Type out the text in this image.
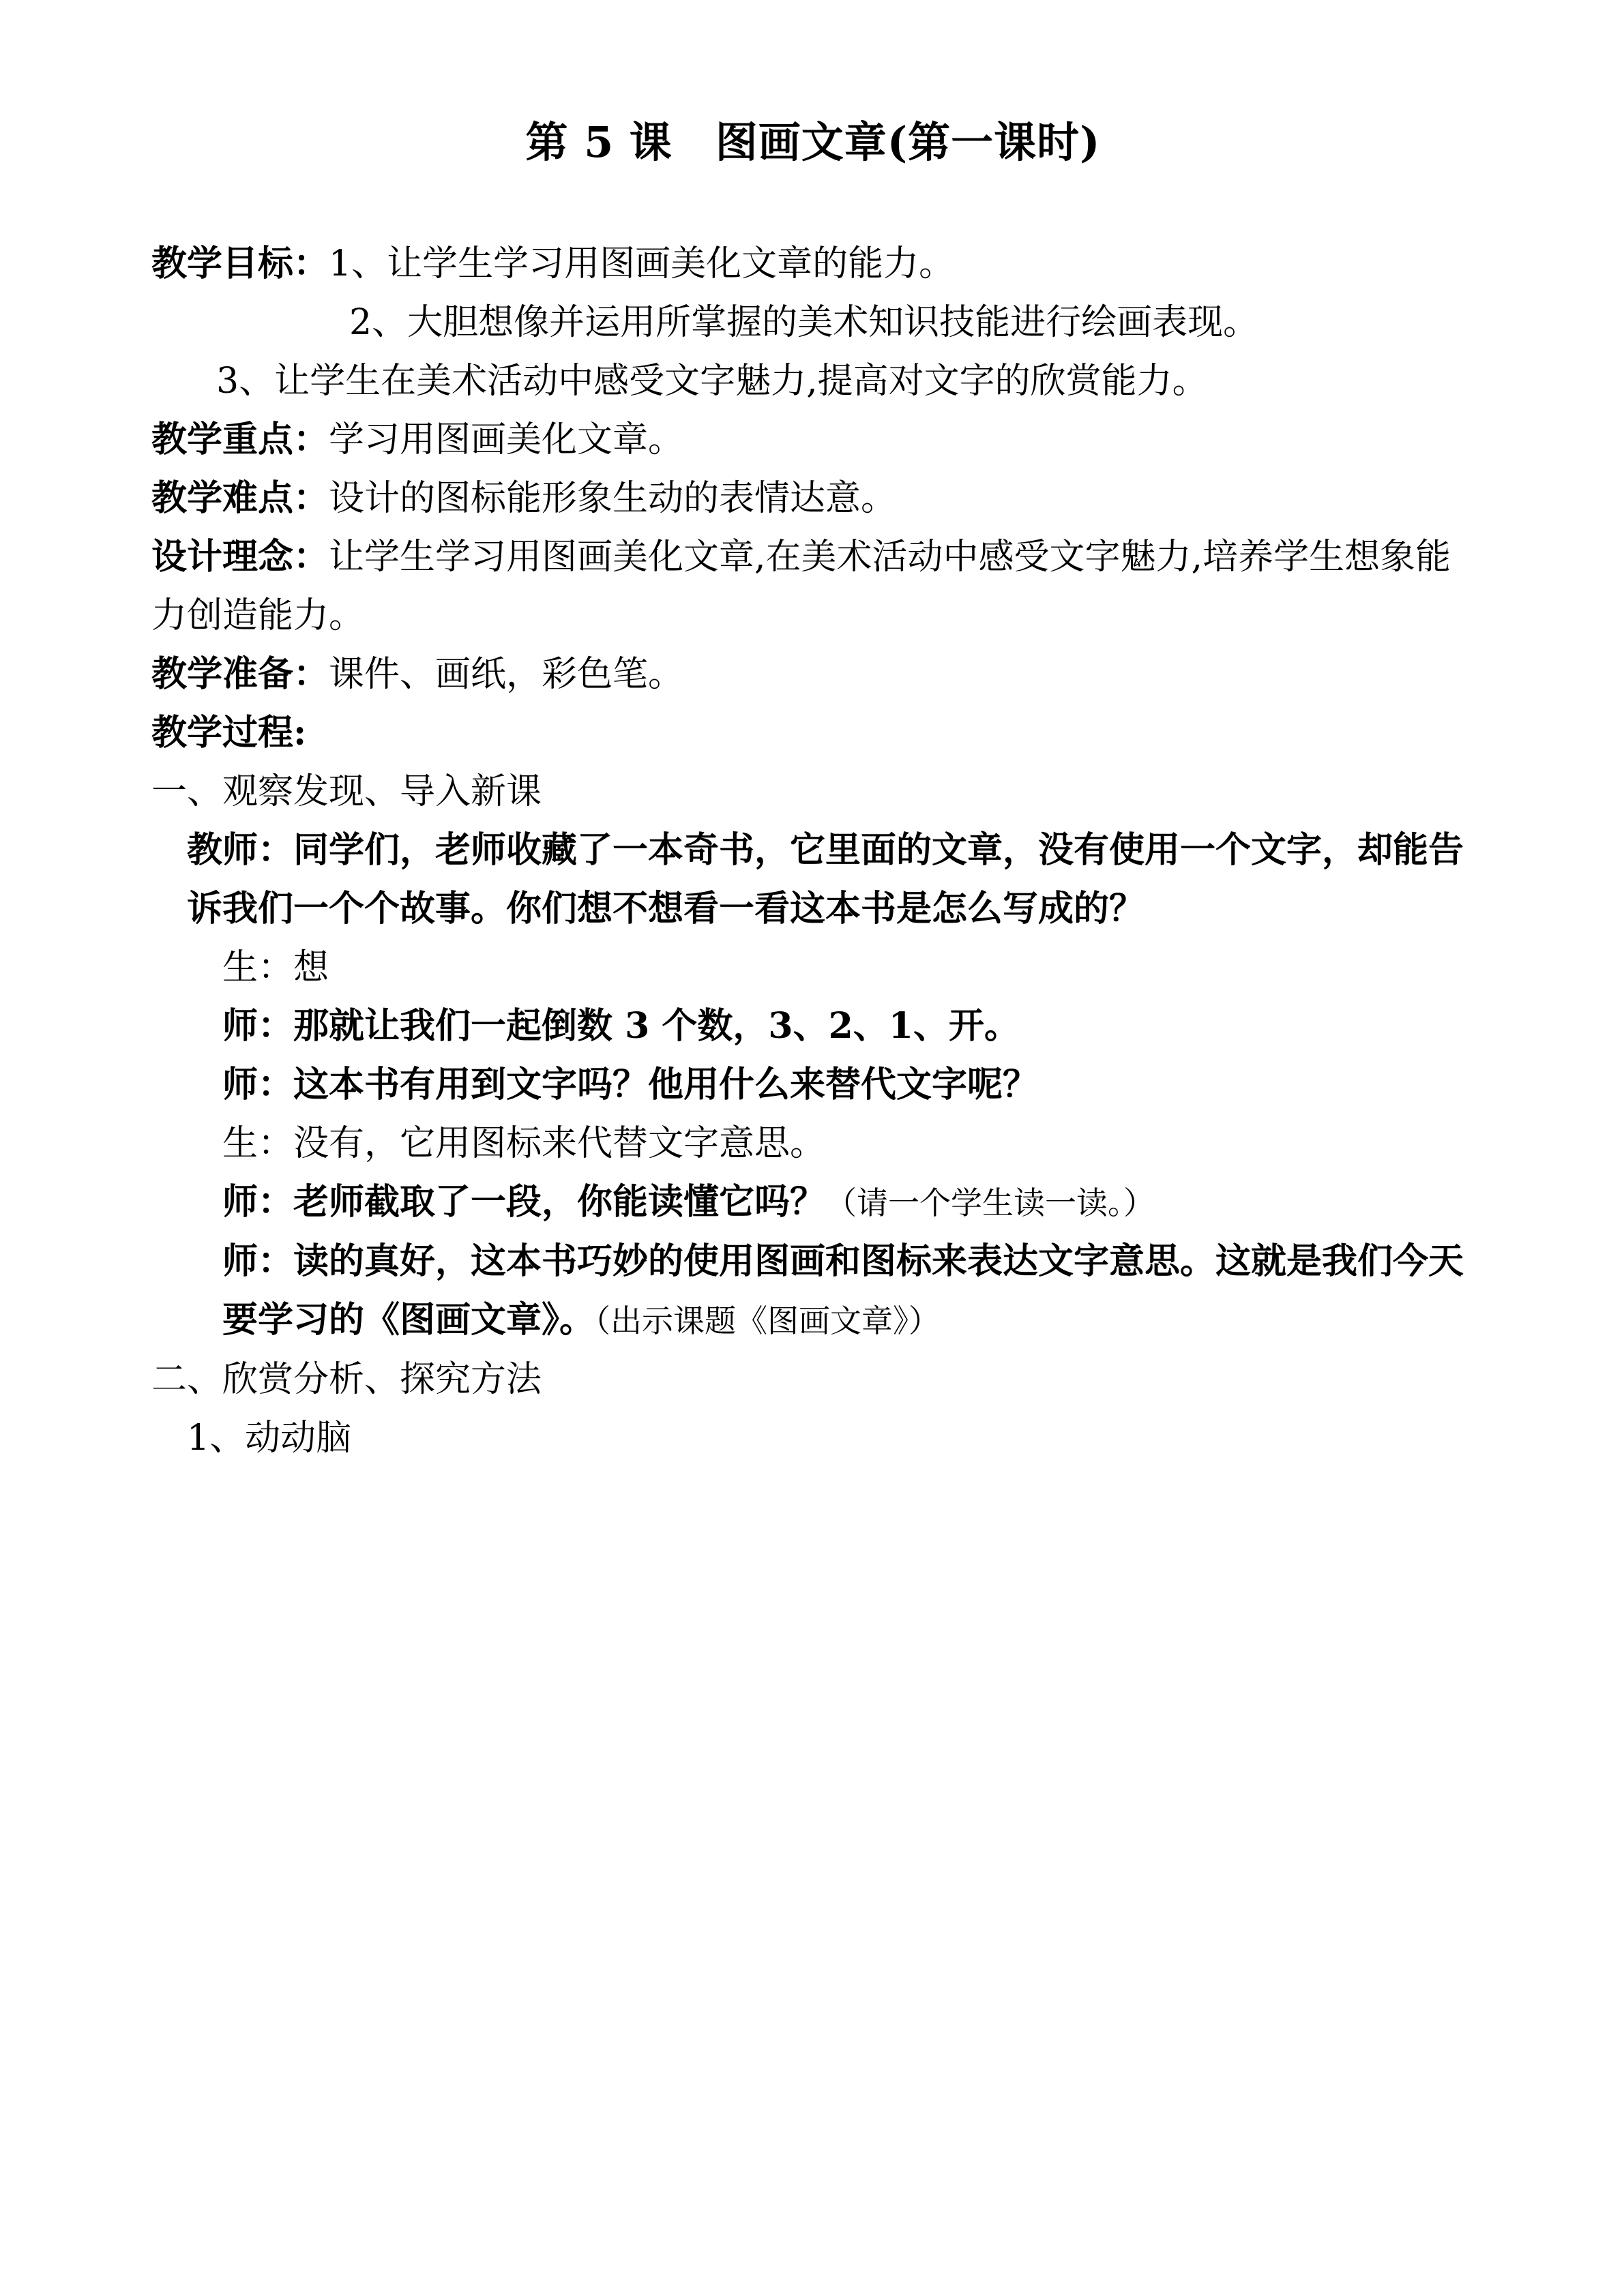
第 5 课　图画文章(第一课时)
教学目标：1、让学生学习用图画美化文章的能力。
2、大胆想像并运用所掌握的美术知识技能进行绘画表现。
3、让学生在美术活动中感受文字魅力,提高对文字的欣赏能力。
教学重点：学习用图画美化文章。
教学难点：设计的图标能形象生动的表情达意。
设计理念：让学生学习用图画美化文章,在美术活动中感受文字魅力,培养学生想象能力创造能力。
教学准备：课件、画纸，彩色笔。
教学过程:
一、观察发现、导入新课
教师：同学们，老师收藏了一本奇书，它里面的文章，没有使用一个文字，却能告诉我们一个个故事。你们想不想看一看这本书是怎么写成的？
生：想
师：那就让我们一起倒数 3 个数，3、2、1、开。
师：这本书有用到文字吗？他用什么来替代文字呢？
生：没有，它用图标来代替文字意思。
师：老师截取了一段，你能读懂它吗？（请一个学生读一读。）
师：读的真好，这本书巧妙的使用图画和图标来表达文字意思。这就是我们今天要学习的《图画文章》。（出示课题《图画文章》）
二、欣赏分析、探究方法
1、动动脑
